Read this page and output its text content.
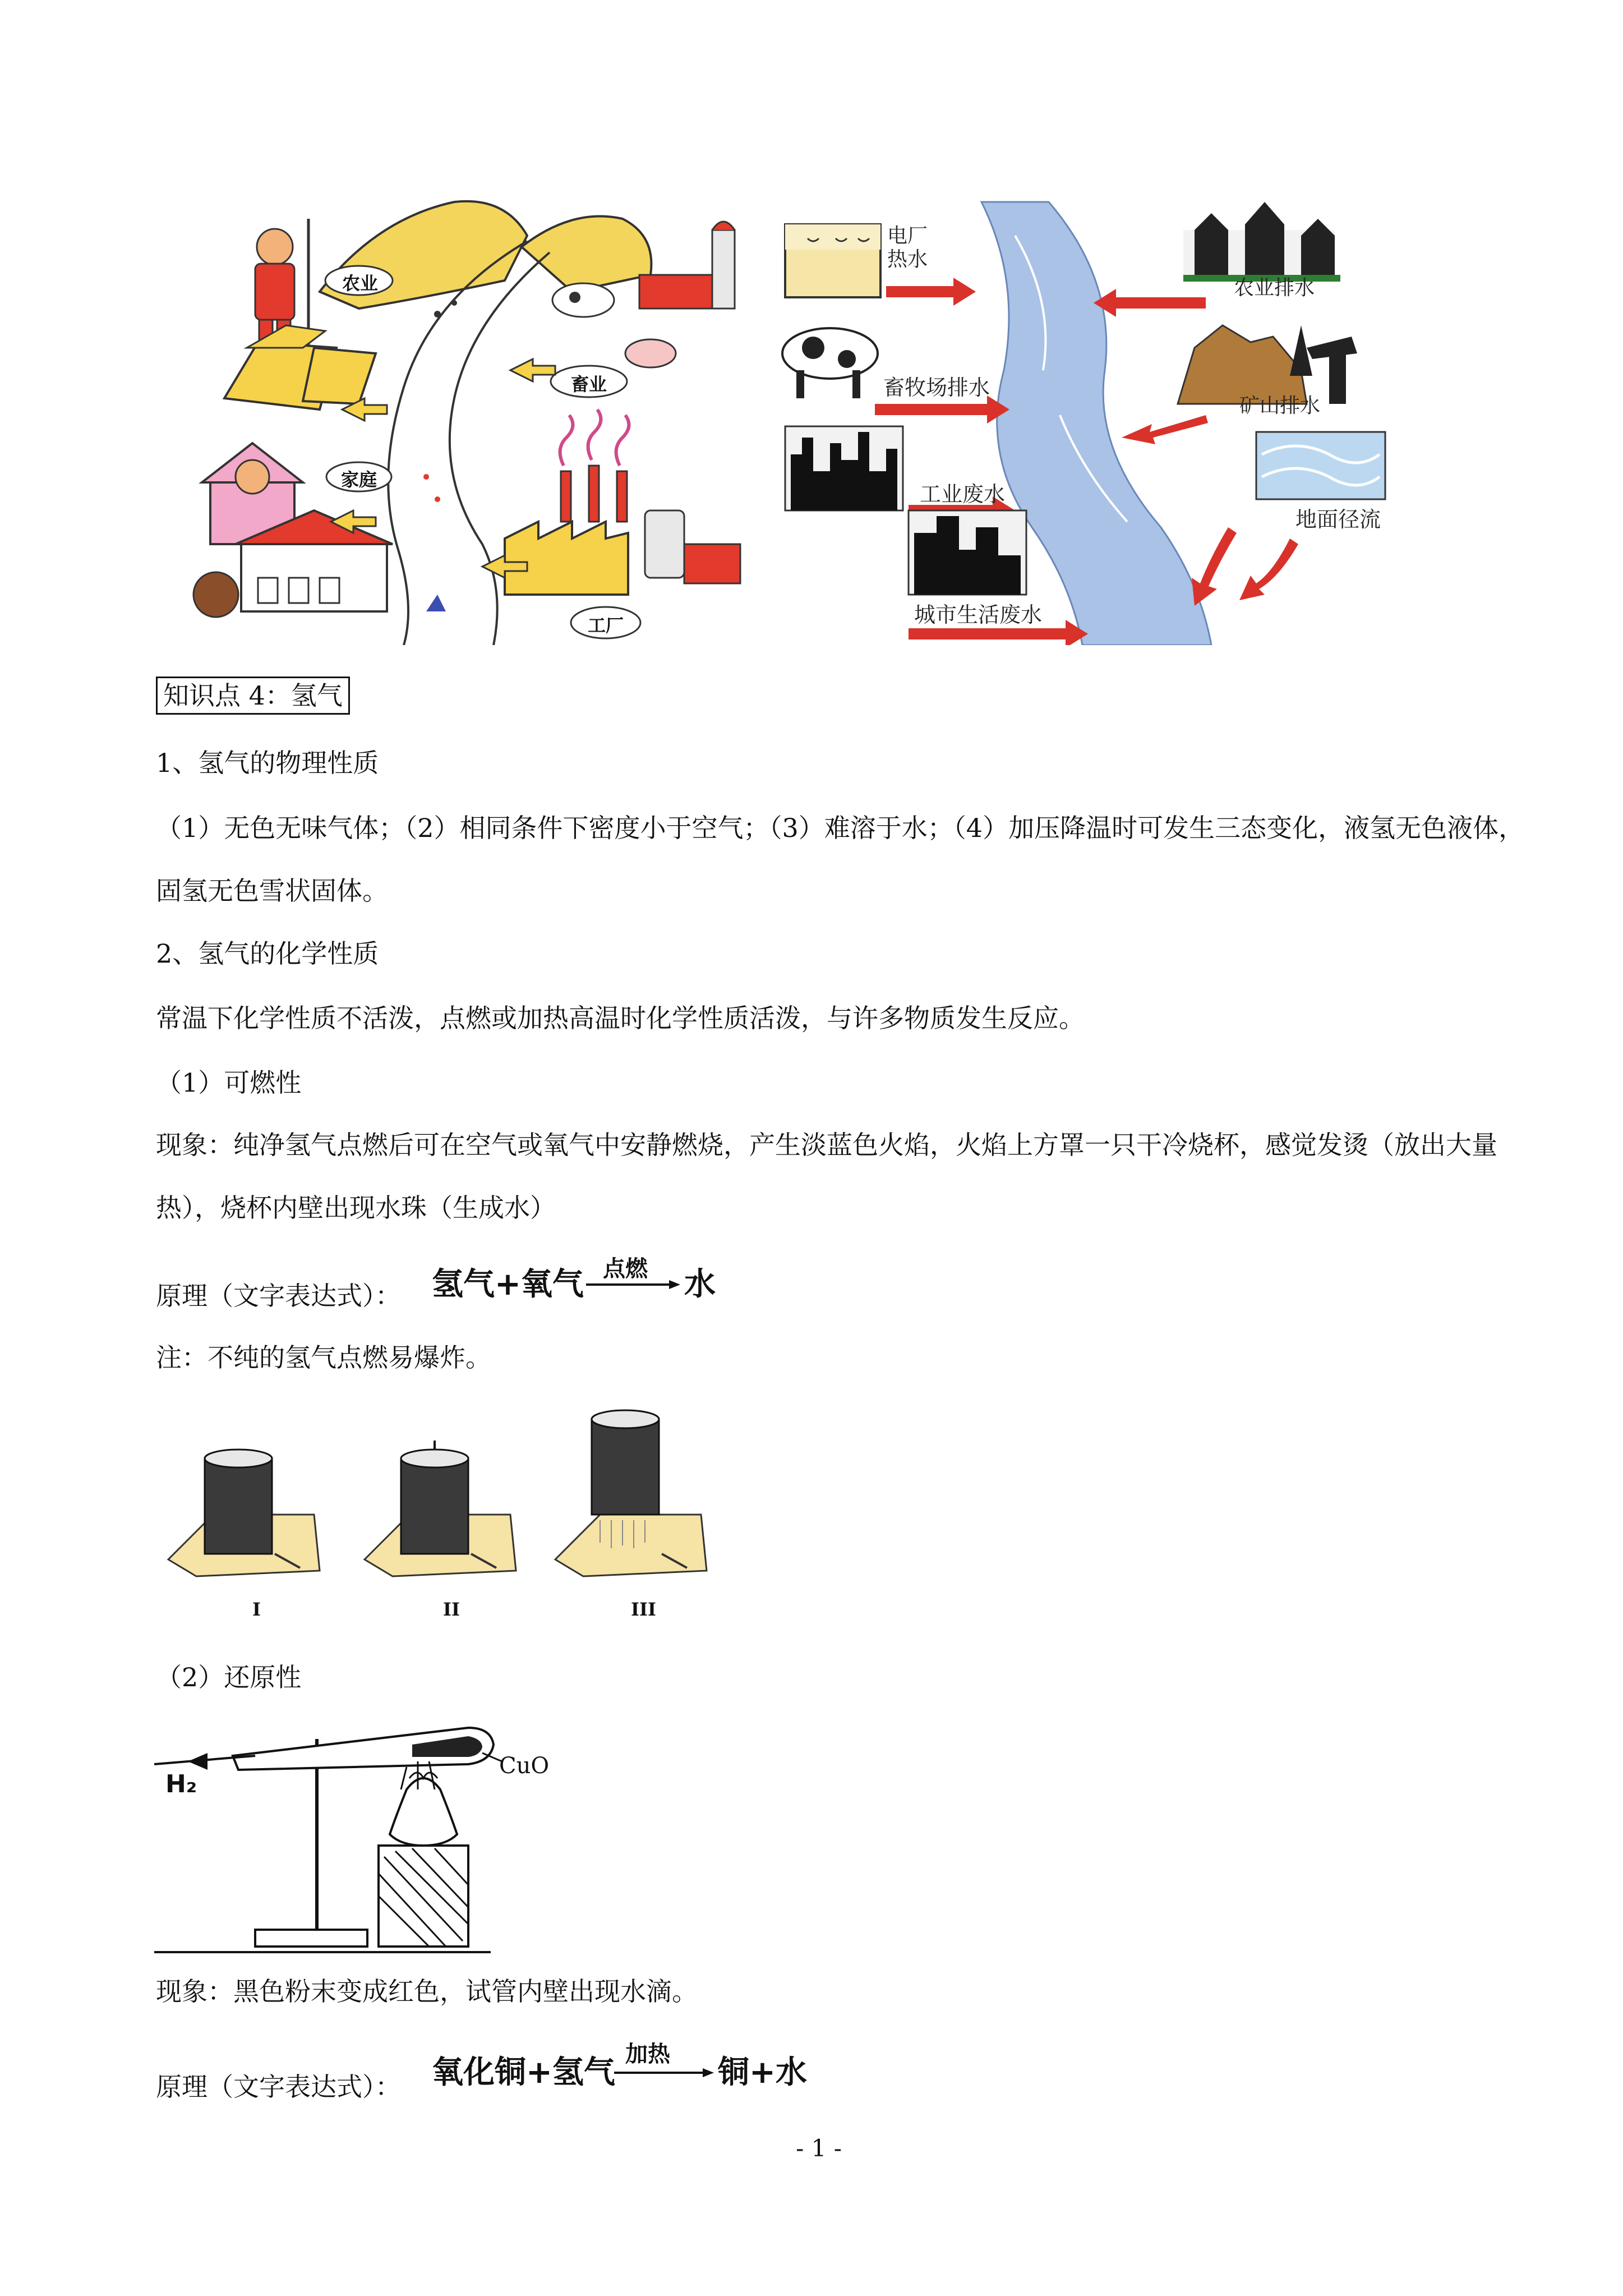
农业
畜业
家庭
工厂
电厂热水
农业排水
畜牧场排水
矿山排水
工业废水
地面径流
城市生活废水
知识点 4：氢气
1、氢气的物理性质
（1）无色无味气体；（2）相同条件下密度小于空气；（3）难溶于水；（4）加压降温时可发生三态变化，液氢无色液体，固氢无色雪状固体。
2、氢气的化学性质
常温下化学性质不活泼，点燃或加热高温时化学性质活泼，与许多物质发生反应。
（1）可燃性
现象：纯净氢气点燃后可在空气或氧气中安静燃烧，产生淡蓝色火焰，火焰上方罩一只干冷烧杯，感觉发烫（放出大量热），烧杯内壁出现水珠（生成水）
原理（文字表达式）： 氢气+氧气 点燃 水
注：不纯的氢气点燃易爆炸。
I	II	III
（2）还原性
H₂
CuO
现象：黑色粉末变成红色，试管内壁出现水滴。
原理（文字表达式）： 氧化铜+氢气 加热 铜+水
- 1 -
